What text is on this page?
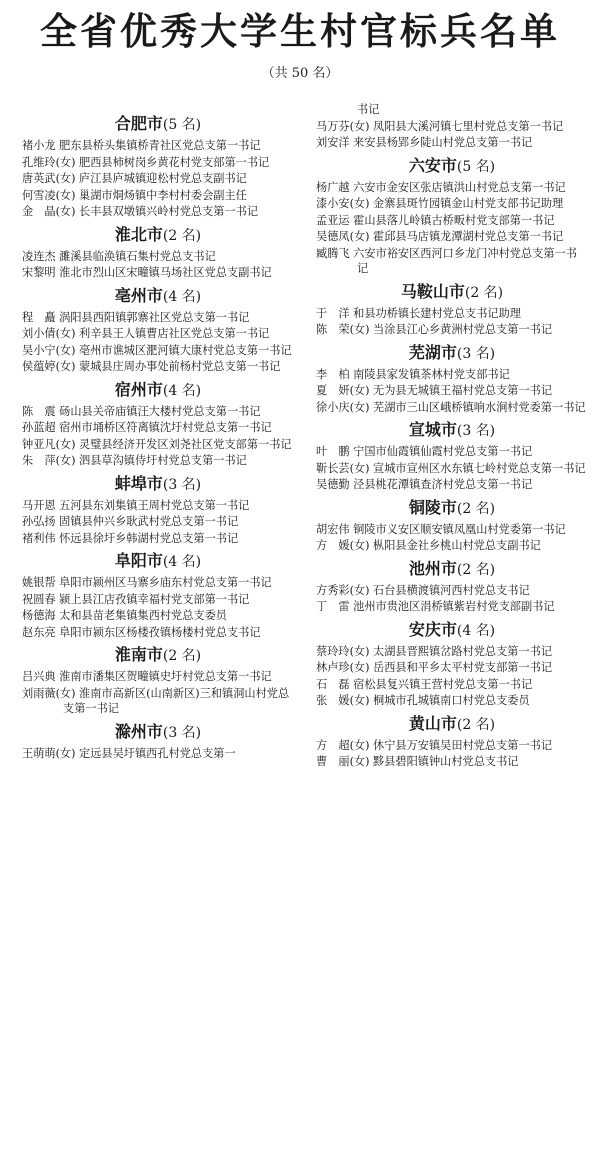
全省优秀大学生村官标兵名单
（共 50 名）
合肥市(5 名)
褚小龙 肥东县桥头集镇桥青社区党总支第一书记
孔维玲(女) 肥西县柿树岗乡黄花村党支部第一书记
唐英武(女) 庐江县庐城镇迎松村党总支副书记
何雪凌(女) 巢湖市烔炀镇中李村村委会副主任
金　晶(女) 长丰县双墩镇兴岭村党总支第一书记
淮北市(2 名)
凌连杰 濉溪县临涣镇石集村党总支书记
宋黎明 淮北市烈山区宋疃镇马场社区党总支副书记
亳州市(4 名)
程　矗 涡阳县西阳镇郭寨社区党总支第一书记
刘小倩(女) 利辛县王人镇曹店社区党总支第一书记
吴小宁(女) 亳州市谯城区淝河镇大康村党总支第一书记
侯蕴婷(女) 蒙城县庄周办事处前杨村党总支第一书记
宿州市(4 名)
陈　震 砀山县关帝庙镇汪大楼村党总支第一书记
孙蓝超 宿州市埇桥区符离镇沈圩村党总支第一书记
钟亚凡(女) 灵璧县经济开发区刘尧社区党支部第一书记
朱　萍(女) 泗县草沟镇侍圩村党总支第一书记
蚌埠市(3 名)
马开恩 五河县东刘集镇王周村党总支第一书记
孙弘扬 固镇县仲兴乡耿武村党总支第一书记
褚利伟 怀远县徐圩乡韩湖村党总支第一书记
阜阳市(4 名)
姚银帮 阜阳市颍州区马寨乡庙东村党总支第一书记
祝圆春 颍上县江店孜镇幸福村党支部第一书记
杨德海 太和县苗老集镇集西村党总支委员
赵东亮 阜阳市颍东区杨楼孜镇杨楼村党总支书记
淮南市(2 名)
吕兴典 淮南市潘集区贺疃镇史圩村党总支第一书记
刘雨薇(女) 淮南市高新区(山南新区)三和镇洞山村党总支第一书记
滁州市(3 名)
王萌萌(女) 定远县吴圩镇西孔村党总支第一
书记
马万芬(女) 凤阳县大溪河镇七里村党总支第一书记
刘安洋 来安县杨郢乡陡山村党总支第一书记
六安市(5 名)
杨广越 六安市金安区张店镇洪山村党总支第一书记
漆小安(女) 金寨县斑竹园镇金山村党支部书记助理
孟亚运 霍山县落儿岭镇古桥畈村党支部第一书记
吴德凤(女) 霍邱县马店镇龙潭湖村党总支第一书记
臧腾飞 六安市裕安区西河口乡龙门冲村党总支第一书记
马鞍山市(2 名)
于　洋 和县功桥镇长建村党总支书记助理
陈　荣(女) 当涂县江心乡黄洲村党总支第一书记
芜湖市(3 名)
李　柏 南陵县家发镇茶林村党支部书记
夏　妍(女) 无为县无城镇王福村党总支第一书记
徐小庆(女) 芜湖市三山区峨桥镇响水涧村党委第一书记
宣城市(3 名)
叶　鹏 宁国市仙霞镇仙霞村党总支第一书记
靳长芸(女) 宣城市宣州区水东镇七岭村党总支第一书记
吴德勤 泾县桃花潭镇查济村党总支第一书记
铜陵市(2 名)
胡宏伟 铜陵市义安区顺安镇凤凰山村党委第一书记
方　媛(女) 枞阳县金社乡桃山村党总支副书记
池州市(2 名)
方秀彩(女) 石台县横渡镇河西村党总支书记
丁　雷 池州市贵池区涓桥镇紫岩村党支部副书记
安庆市(4 名)
蔡玲玲(女) 太湖县晋熙镇岔路村党总支第一书记
林卢珍(女) 岳西县和平乡太平村党支部第一书记
石　磊 宿松县复兴镇王营村党总支第一书记
张　媛(女) 桐城市孔城镇南口村党总支委员
黄山市(2 名)
方　超(女) 休宁县万安镇吴田村党总支第一书记
曹　丽(女) 黟县碧阳镇钟山村党总支书记
